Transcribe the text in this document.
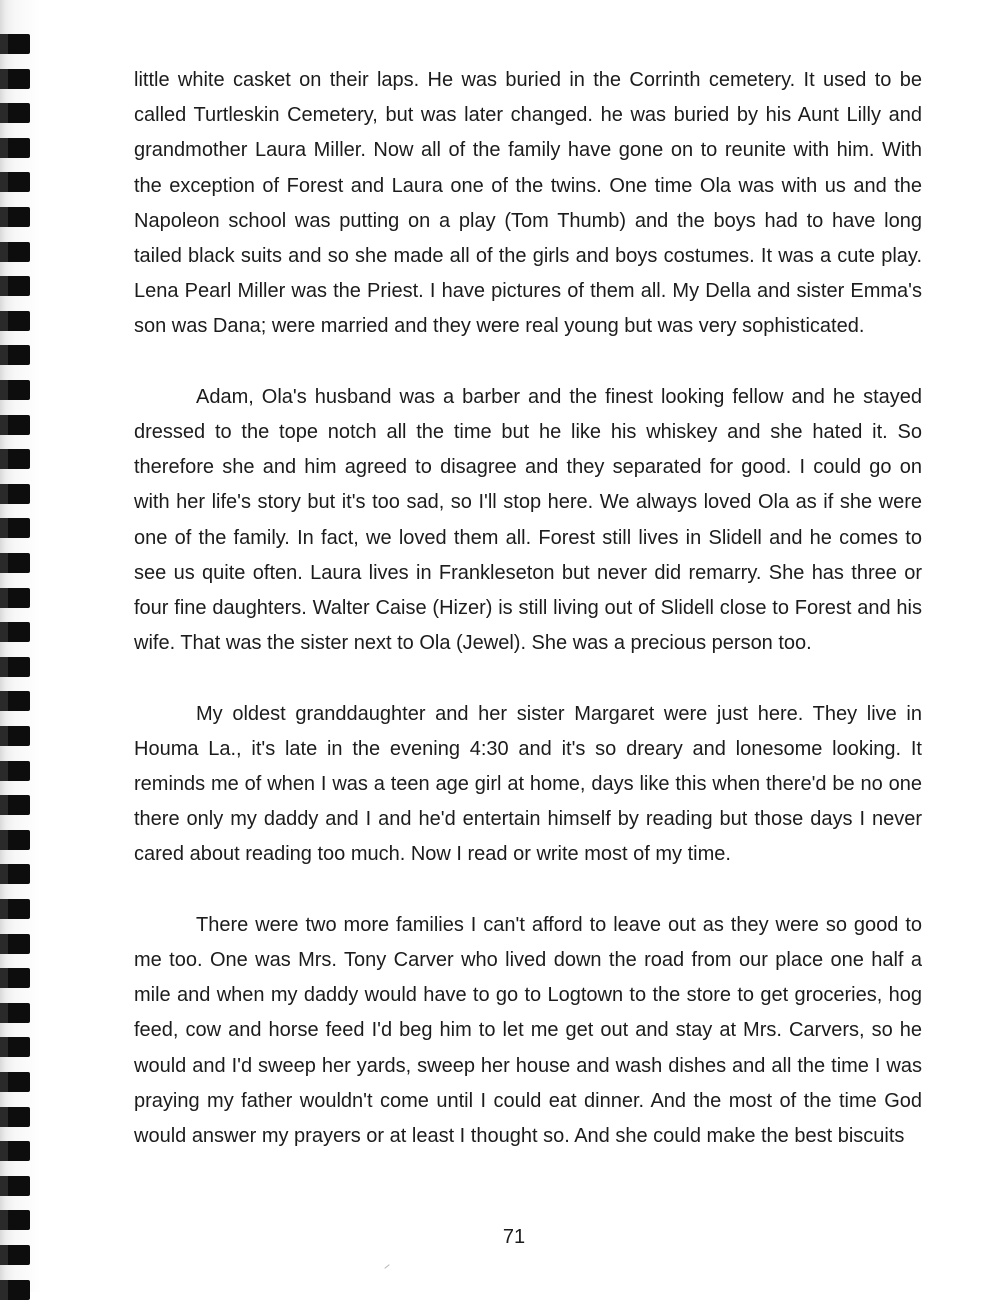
little white casket on their laps. He was buried in the Corrinth cemetery. It used to be called Turtleskin Cemetery, but was later changed. he was buried by his Aunt Lilly and grandmother Laura Miller. Now all of the family have gone on to reunite with him. With the exception of Forest and Laura one of the twins. One time Ola was with us and the Napoleon school was putting on a play (Tom Thumb) and the boys had to have long tailed black suits and so she made all of the girls and boys costumes. It was a cute play. Lena Pearl Miller was the Priest. I have pictures of them all. My Della and sister Emma's son was Dana; were married and they were real young but was very sophisticated.

Adam, Ola's husband was a barber and the finest looking fellow and he stayed dressed to the tope notch all the time but he like his whiskey and she hated it. So therefore she and him agreed to disagree and they separated for good. I could go on with her life's story but it's too sad, so I'll stop here. We always loved Ola as if she were one of the family. In fact, we loved them all. Forest still lives in Slidell and he comes to see us quite often. Laura lives in Frankleseton but never did remarry. She has three or four fine daughters. Walter Caise (Hizer) is still living out of Slidell close to Forest and his wife. That was the sister next to Ola (Jewel). She was a precious person too.

My oldest granddaughter and her sister Margaret were just here. They live in Houma La., it's late in the evening 4:30 and it's so dreary and lonesome looking. It reminds me of when I was a teen age girl at home, days like this when there'd be no one there only my daddy and I and he'd entertain himself by reading but those days I never cared about reading too much. Now I read or write most of my time.

There were two more families I can't afford to leave out as they were so good to me too. One was Mrs. Tony Carver who lived down the road from our place one half a mile and when my daddy would have to go to Logtown to the store to get groceries, hog feed, cow and horse feed I'd beg him to let me get out and stay at Mrs. Carvers, so he would and I'd sweep her yards, sweep her house and wash dishes and all the time I was praying my father wouldn't come until I could eat dinner. And the most of the time God would answer my prayers or at least I thought so. And she could make the best biscuits

71
